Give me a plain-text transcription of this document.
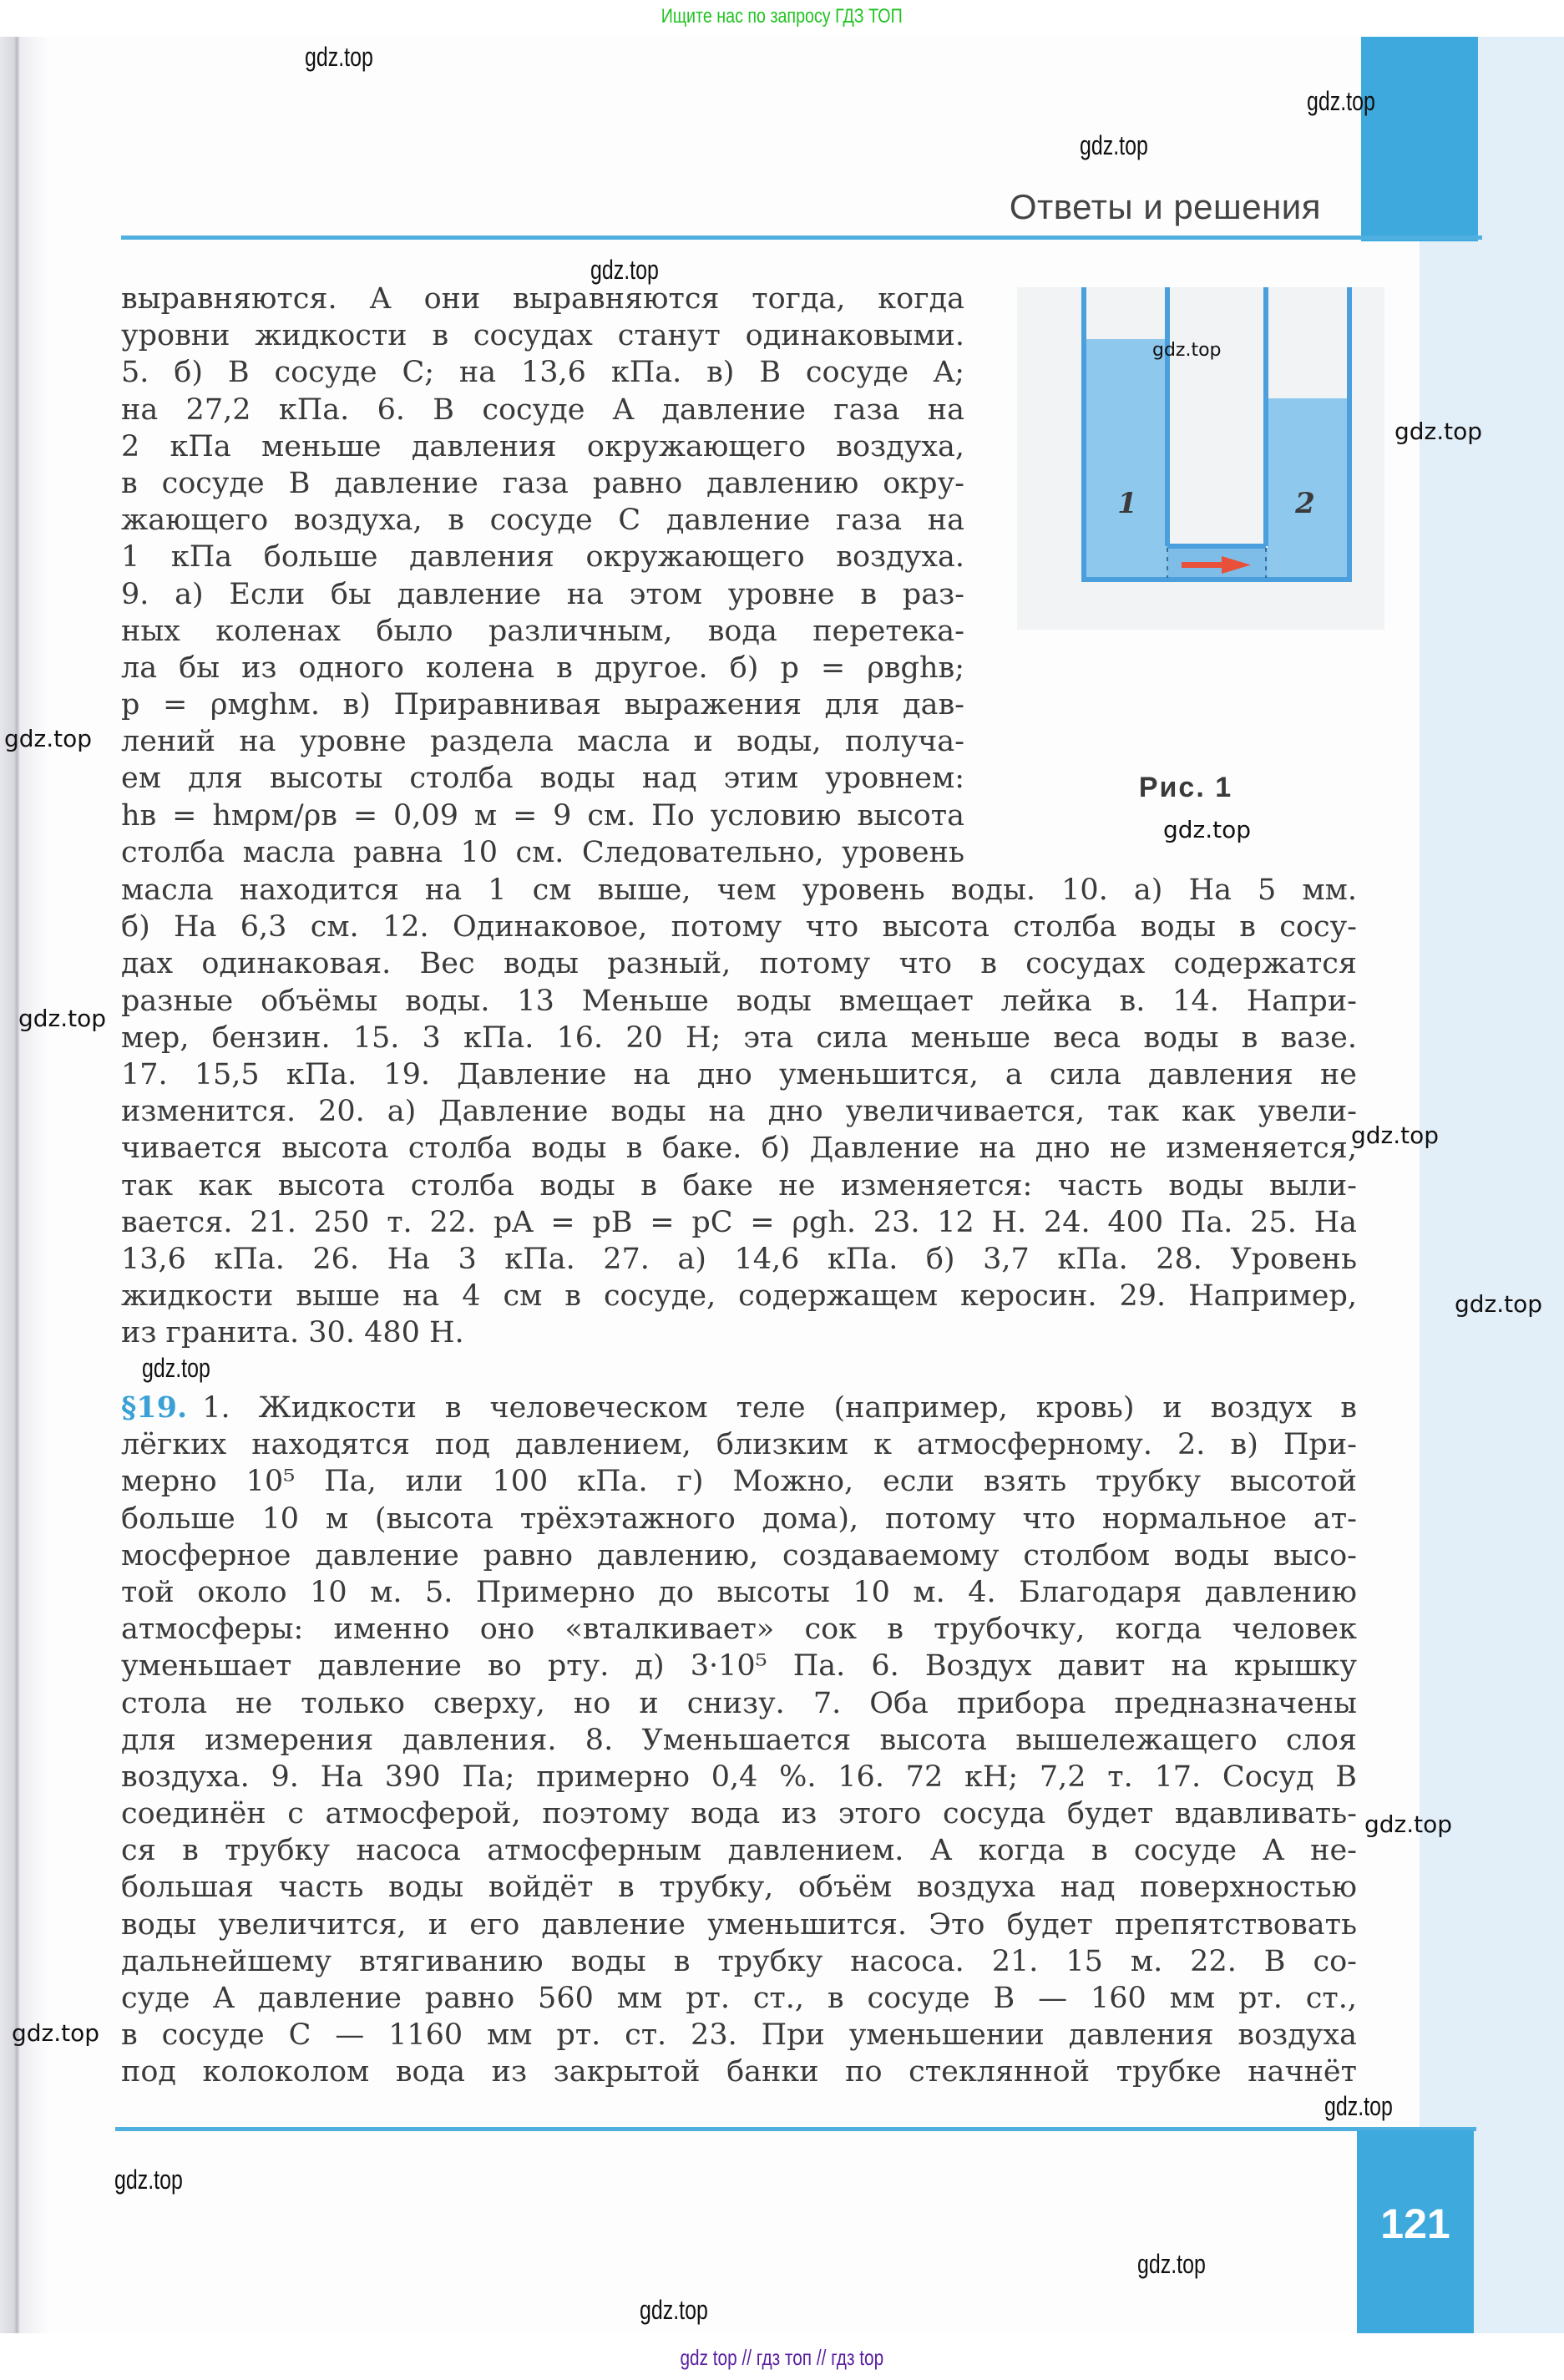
Ищите нас по запросу ГДЗ ТОП
Ответы и решения
выравняются. А они выравняются тогда, когда
уровни жидкости в сосудах станут одинаковыми.
5. б) В сосуде C; на 13,6 кПа. в) В сосуде A;
на 27,2 кПа. 6. В сосуде A давление газа на
2 кПа меньше давления окружающего воздуха,
в сосуде B давление газа равно давлению окру-
жающего воздуха, в сосуде C давление газа на
1 кПа больше давления окружающего воздуха.
9. а) Если бы давление на этом уровне в раз-
ных коленах было различным, вода перетека-
ла бы из одного колена в другое. б) p = ρвghв;
p = ρмghм. в) Приравнивая выражения для дав-
лений на уровне раздела масла и воды, получа-
ем для высоты столба воды над этим уровнем:
hв = hмρм/ρв = 0,09 м = 9 см. По условию высота
столба масла равна 10 см. Следовательно, уровень
1	2
Рис. 1
масла находится на 1 см выше, чем уровень воды. 10. а) На 5 мм.
б) На 6,3 см. 12. Одинаковое, потому что высота столба воды в сосу-
дах одинаковая. Вес воды разный, потому что в сосудах содержатся
разные объёмы воды. 13 Меньше воды вмещает лейка в. 14. Напри-
мер, бензин. 15. 3 кПа. 16. 20 Н; эта сила меньше веса воды в вазе.
17. 15,5 кПа. 19. Давление на дно уменьшится, а сила давления не
изменится. 20. а) Давление воды на дно увеличивается, так как увели-
чивается высота столба воды в баке. б) Давление на дно не изменяется,
так как высота столба воды в баке не изменяется: часть воды выли-
вается. 21. 250 т. 22. pA = pB = pC = ρgh. 23. 12 Н. 24. 400 Па. 25. На
13,6 кПа. 26. На 3 кПа. 27. а) 14,6 кПа. б) 3,7 кПа. 28. Уровень
жидкости выше на 4 см в сосуде, содержащем керосин. 29. Например,
из гранита. 30. 480 Н.
§19. 1. Жидкости в человеческом теле (например, кровь) и воздух в
лёгких находятся под давлением, близким к атмосферному. 2. в) При-
мерно 10⁵ Па, или 100 кПа. г) Можно, если взять трубку высотой
больше 10 м (высота трёхэтажного дома), потому что нормальное ат-
мосферное давление равно давлению, создаваемому столбом воды высо-
той около 10 м. 5. Примерно до высоты 10 м. 4. Благодаря давлению
атмосферы: именно оно «вталкивает» сок в трубочку, когда человек
уменьшает давление во рту. д) 3·10⁵ Па. 6. Воздух давит на крышку
стола не только сверху, но и снизу. 7. Оба прибора предназначены
для измерения давления. 8. Уменьшается высота вышележащего слоя
воздуха. 9. На 390 Па; примерно 0,4 %. 16. 72 кН; 7,2 т. 17. Сосуд B
соединён с атмосферой, поэтому вода из этого сосуда будет вдавливать-
ся в трубку насоса атмосферным давлением. А когда в сосуде A не-
большая часть воды войдёт в трубку, объём воздуха над поверхностью
воды увеличится, и его давление уменьшится. Это будет препятствовать
дальнейшему втягиванию воды в трубку насоса. 21. 15 м. 22. В со-
суде A давление равно 560 мм рт. ст., в сосуде B — 160 мм рт. ст.,
в сосуде C — 1160 мм рт. ст. 23. При уменьшении давления воздуха
под колоколом вода из закрытой банки по стеклянной трубке начнёт
121
gdz.top
gdz.top
gdz.top
gdz.top
gdz.top
gdz.top
gdz.top
gdz.top
gdz.top
gdz.top
gdz.top
gdz.top
gdz.top
gdz.top
gdz.top
gdz.top
gdz.top
gdz.top
gdz top // гдз топ // гдз top
